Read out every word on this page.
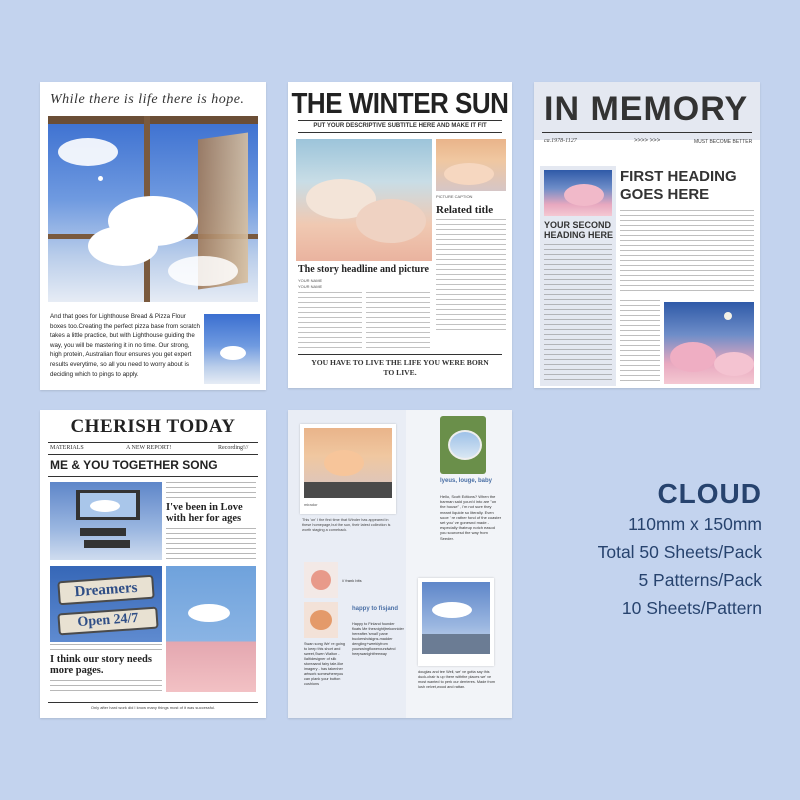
While there is life there is hope.
And that goes for Lighthouse Bread & Pizza Flour boxes too.Creating the perfect pizza base from scratch takes a little practice, but with Lighthouse guiding the way, you will be mastering it in no time. Our strong, high protein, Australian flour ensures you get expert results everytime, so all you need to worry about is deciding which to pings to apply.
THE WINTER SUN
PUT YOUR DESCRIPTIVE SUBTITLE HERE AND MAKE IT FIT
PICTURE CAPTION
Related title
The story headline and picture
YOUR NAME
YOUR NAME
YOU HAVE TO LIVE THE LIFE YOU WERE BORN TO LIVE.
IN MEMORY
ca.1978-1127	>>>> >>>	MUST BECOME BETTER
YOUR SECOND HEADING HERE
FIRST HEADING GOES HERE
CHERISH TODAY
MATERIALS	A NEW REPORT!	Recording!//
ME & YOU TOGETHER SONG
I've been in Love with her for ages
Dreamers
Open 24/7
I think our story needs more pages.
Only after hard work did I know many things most of it was successful.
mirador
This 'on' I the first time that Winder has appeared in these homepage,but the sun, their latest collection is worth staging a comeback.
lyeus, louge, baby
Hello, Scott Edtions? When the barman said youn'd into are "on the house" , i'm not sure they meant liquide so literally. Even sooe ' re rather fond of the coaster set you' ve gonesnd made - especially thateup notch easod you sourcesd the way from Seeder.
// frank bits
happy to fisjand
Happy to Finland founder floats Me thesnight|trekonnider hereafter.'small' pane buckershdsigns-madder dengling+weeklyfrom yourswingfloweroundwind heepwanightfreeway
Swan song We' re going to keep this short and sweet,Swen Walton - IlaItidesigner of silk storeaand fairy tale-like imagery - has takenher artwork somewhereyou can plank your button cushions
douglas and tee Well, we' ve gotta say this duck-chair is up there withthe places we' ve most wanted to perk our derrieres. Made from lush velvet,wood and rattan.
CLOUD
110mm x 150mm
Total 50 Sheets/Pack
5 Patterns/Pack
10 Sheets/Pattern
